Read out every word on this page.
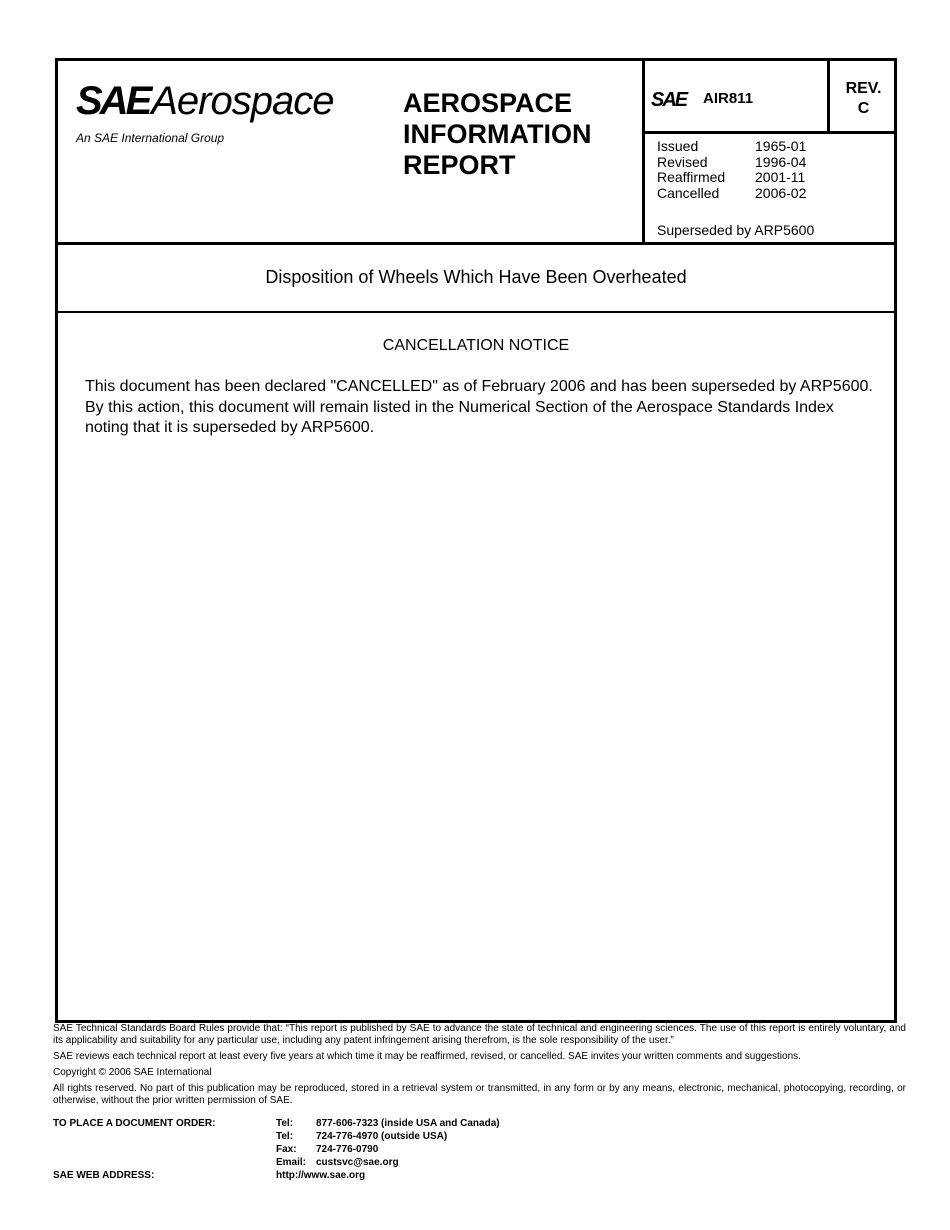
SAEAerospace
An SAE International Group
AEROSPACE
INFORMATION
REPORT
SAE AIR811
REV.
C
Issued	1965-01
Revised	1996-04
Reaffirmed	2001-11
Cancelled	2006-02
Superseded by ARP5600
Disposition of Wheels Which Have Been Overheated
CANCELLATION NOTICE
This document has been declared "CANCELLED" as of February 2006 and has been superseded by ARP5600. By this action, this document will remain listed in the Numerical Section of the Aerospace Standards Index noting that it is superseded by ARP5600.

SAE Technical Standards Board Rules provide that: “This report is published by SAE to advance the state of technical and engineering sciences. The use of this report is entirely voluntary, and its applicability and suitability for any particular use, including any patent infringement arising therefrom, is the sole responsibility of the user.”

SAE reviews each technical report at least every five years at which time it may be reaffirmed, revised, or cancelled. SAE invites your written comments and suggestions.

Copyright © 2006 SAE International

All rights reserved. No part of this publication may be reproduced, stored in a retrieval system or transmitted, in any form or by any means, electronic, mechanical, photocopying, recording, or otherwise, without the prior written permission of SAE.

TO PLACE A DOCUMENT ORDER:	Tel: 877-606-7323 (inside USA and Canada)
Tel: 724-776-4970 (outside USA)
Fax: 724-776-0790
Email: custsvc@sae.org
SAE WEB ADDRESS:	http://www.sae.org
